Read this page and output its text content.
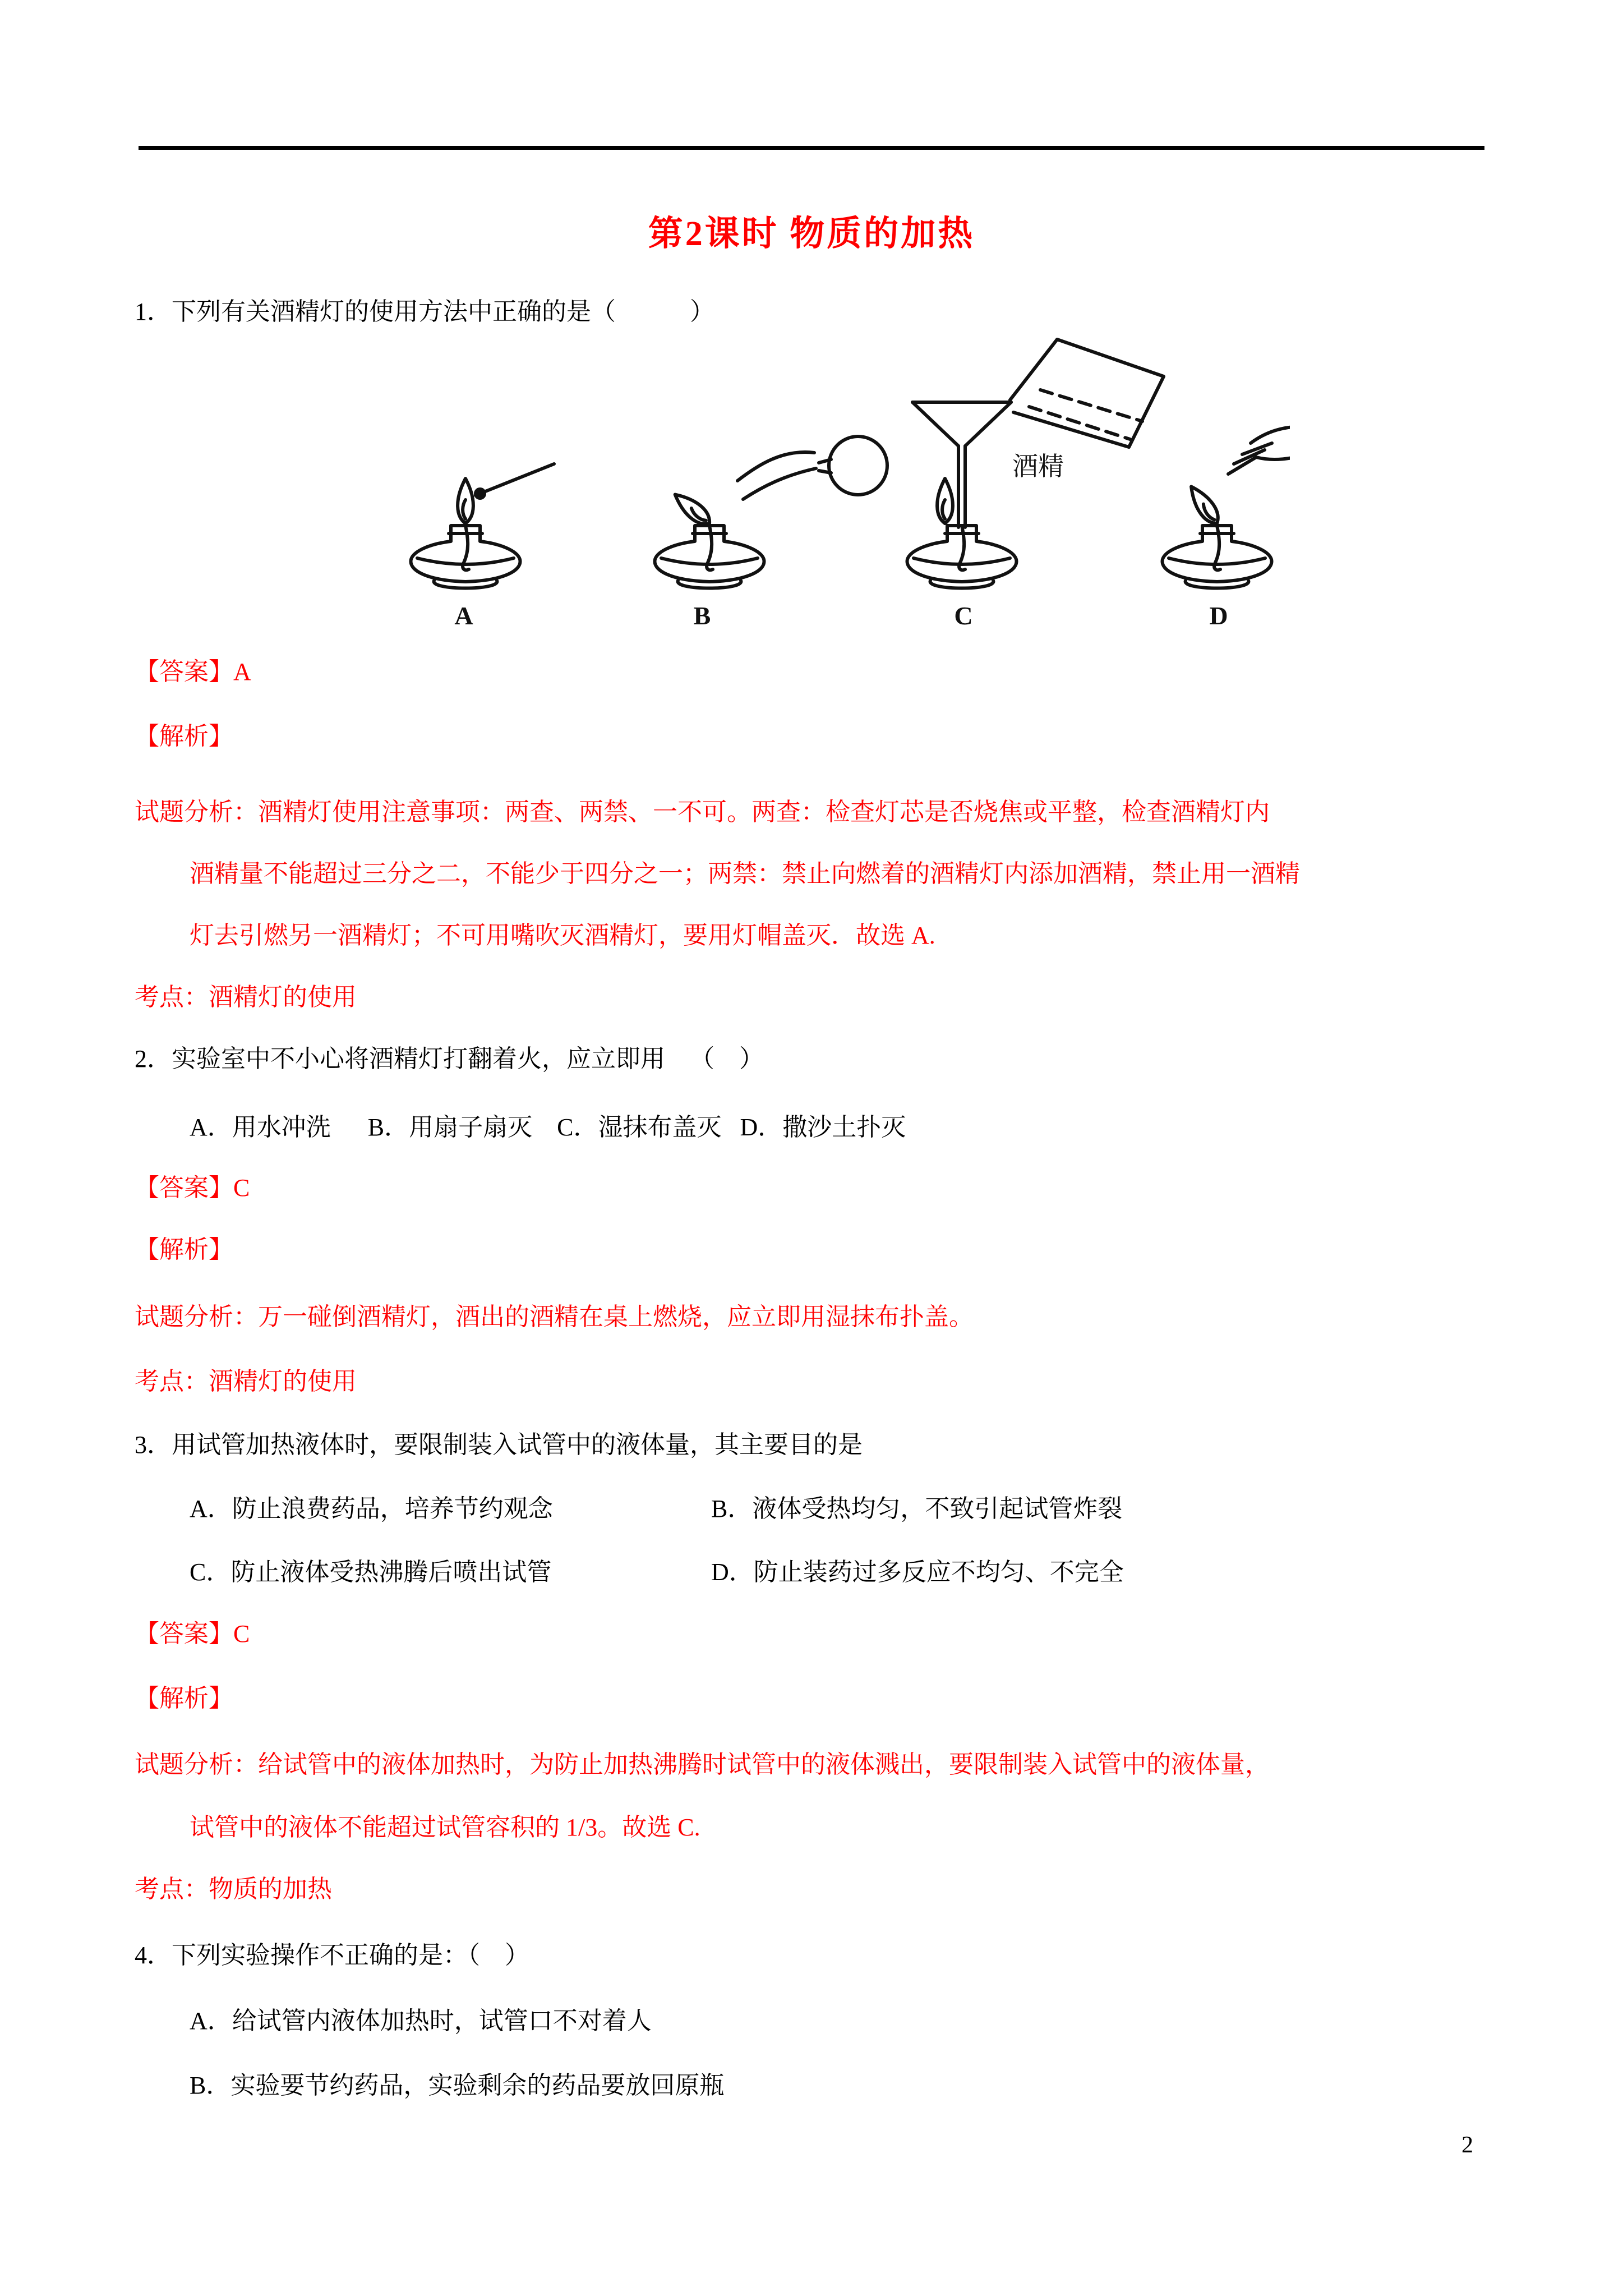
第2课时 物质的加热
1．下列有关酒精灯的使用方法中正确的是（            ）
酒精
A	B	C	D
【答案】A
【解析】
试题分析：酒精灯使用注意事项：两查、两禁、一不可。两查：检查灯芯是否烧焦或平整，检查酒精灯内
酒精量不能超过三分之二，不能少于四分之一；两禁：禁止向燃着的酒精灯内添加酒精，禁止用一酒精
灯去引燃另一酒精灯；不可用嘴吹灭酒精灯，要用灯帽盖灭．故选 A.
考点：酒精灯的使用
2．实验室中不小心将酒精灯打翻着火，应立即用    （    ）
A．用水冲洗      B．用扇子扇灭    C．湿抹布盖灭   D．撒沙土扑灭
【答案】C
【解析】
试题分析：万一碰倒酒精灯，酒出的酒精在桌上燃烧，应立即用湿抹布扑盖。
考点：酒精灯的使用
3．用试管加热液体时，要限制装入试管中的液体量，其主要目的是
A．防止浪费药品，培养节约观念	B．液体受热均匀，不致引起试管炸裂
C．防止液体受热沸腾后喷出试管	D．防止装药过多反应不均匀、不完全
【答案】C
【解析】
试题分析：给试管中的液体加热时，为防止加热沸腾时试管中的液体溅出，要限制装入试管中的液体量，
试管中的液体不能超过试管容积的 1/3。故选 C.
考点：物质的加热
4．下列实验操作不正确的是：（    ）
A．给试管内液体加热时，试管口不对着人
B．实验要节约药品，实验剩余的药品要放回原瓶
2
